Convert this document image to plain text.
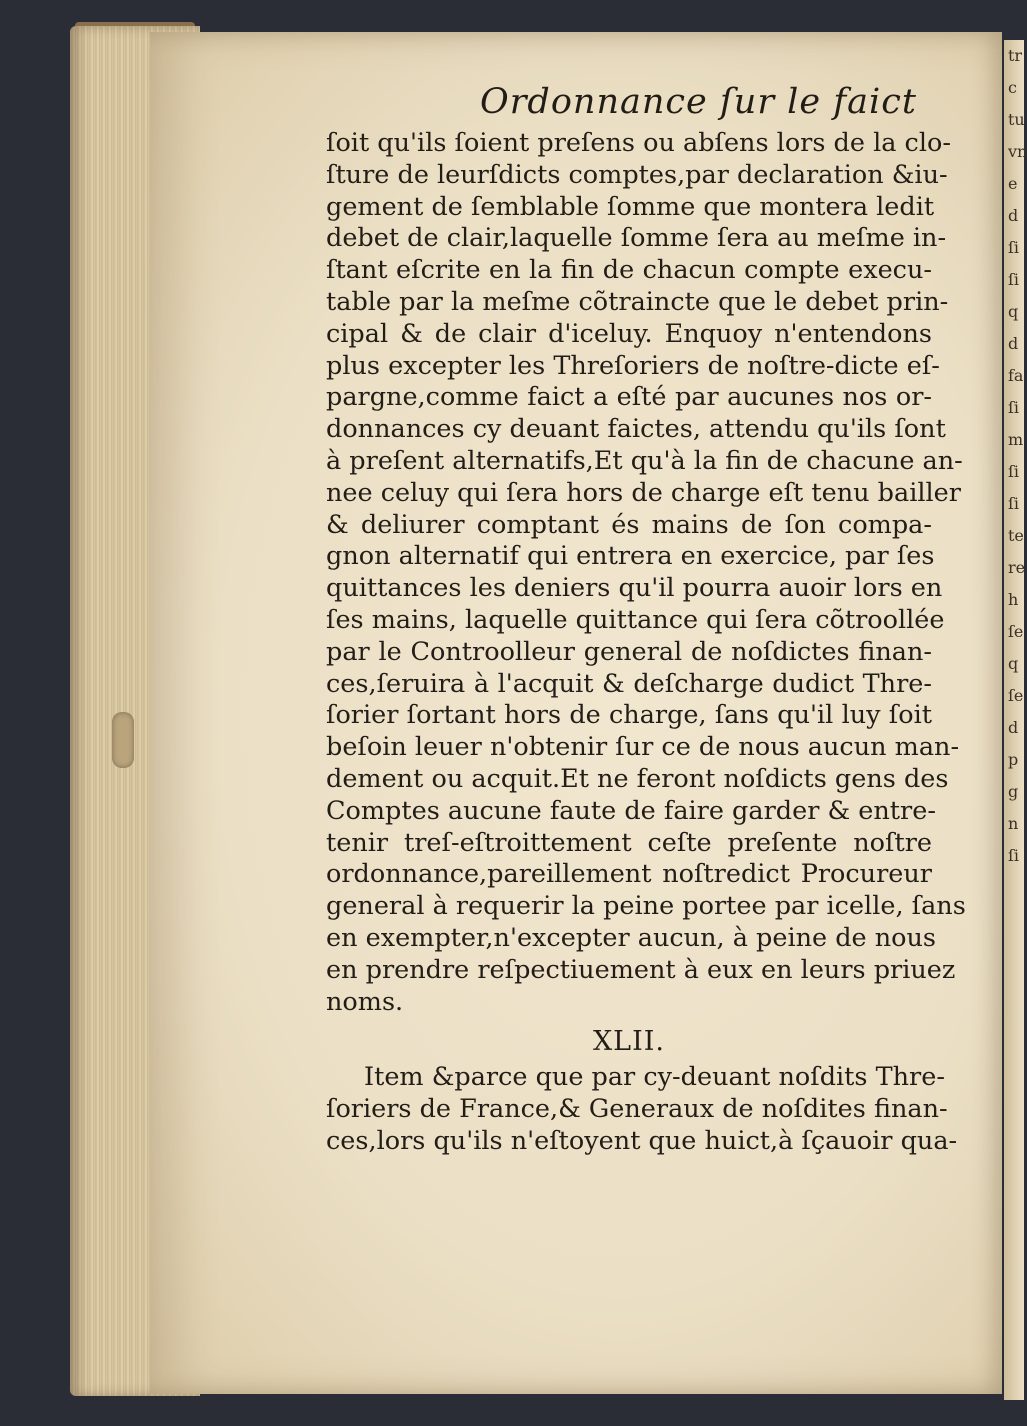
tr
c
tu
vn
e
d
ſi
ſi
q
d
fa
ſi
m
ſi
ſi
te
re
h
ſe
q
ſe
d
p
g
n
ſi
Ordonnance ſur le faict
ſoit qu'ils ſoient preſens ou abſens lors de la clo-
ſture de leurſdicts comptes,par declaration &iu-
gement de ſemblable ſomme que montera ledit
debet de clair,laquelle ſomme ſera au meſme in-
ſtant eſcrite en la fin de chacun compte execu-
table par la meſme cõtraincte que le debet prin-
cipal & de clair d'iceluy. Enquoy n'entendons
plus excepter les Threſoriers de noſtre-dicte eſ-
pargne,comme faict a eſté par aucunes nos or-
donnances cy deuant faictes, attendu qu'ils ſont
à preſent alternatifs,Et qu'à la fin de chacune an-
nee celuy qui ſera hors de charge eſt tenu bailler
& deliurer comptant és mains de ſon compa-
gnon alternatif qui entrera en exercice, par ſes
quittances les deniers qu'il pourra auoir lors en
ſes mains, laquelle quittance qui ſera cõtroollée
par le Controolleur general de noſdictes finan-
ces,ſeruira à l'acquit & deſcharge dudict Thre-
ſorier ſortant hors de charge, ſans qu'il luy ſoit
beſoin leuer n'obtenir ſur ce de nous aucun man-
dement ou acquit.Et ne feront noſdicts gens des
Comptes aucune faute de faire garder & entre-
tenir treſ-eſtroittement ceſte preſente noſtre
ordonnance,pareillement noſtredict Procureur
general à requerir la peine portee par icelle, ſans
en exempter,n'excepter aucun, à peine de nous
en prendre reſpectiuement à eux en leurs priuez
noms.
XLII.
Item &parce que par cy-deuant noſdits Thre-
ſoriers de France,& Generaux de noſdites finan-
ces,lors qu'ils n'eſtoyent que huict,à ſçauoir qua-
